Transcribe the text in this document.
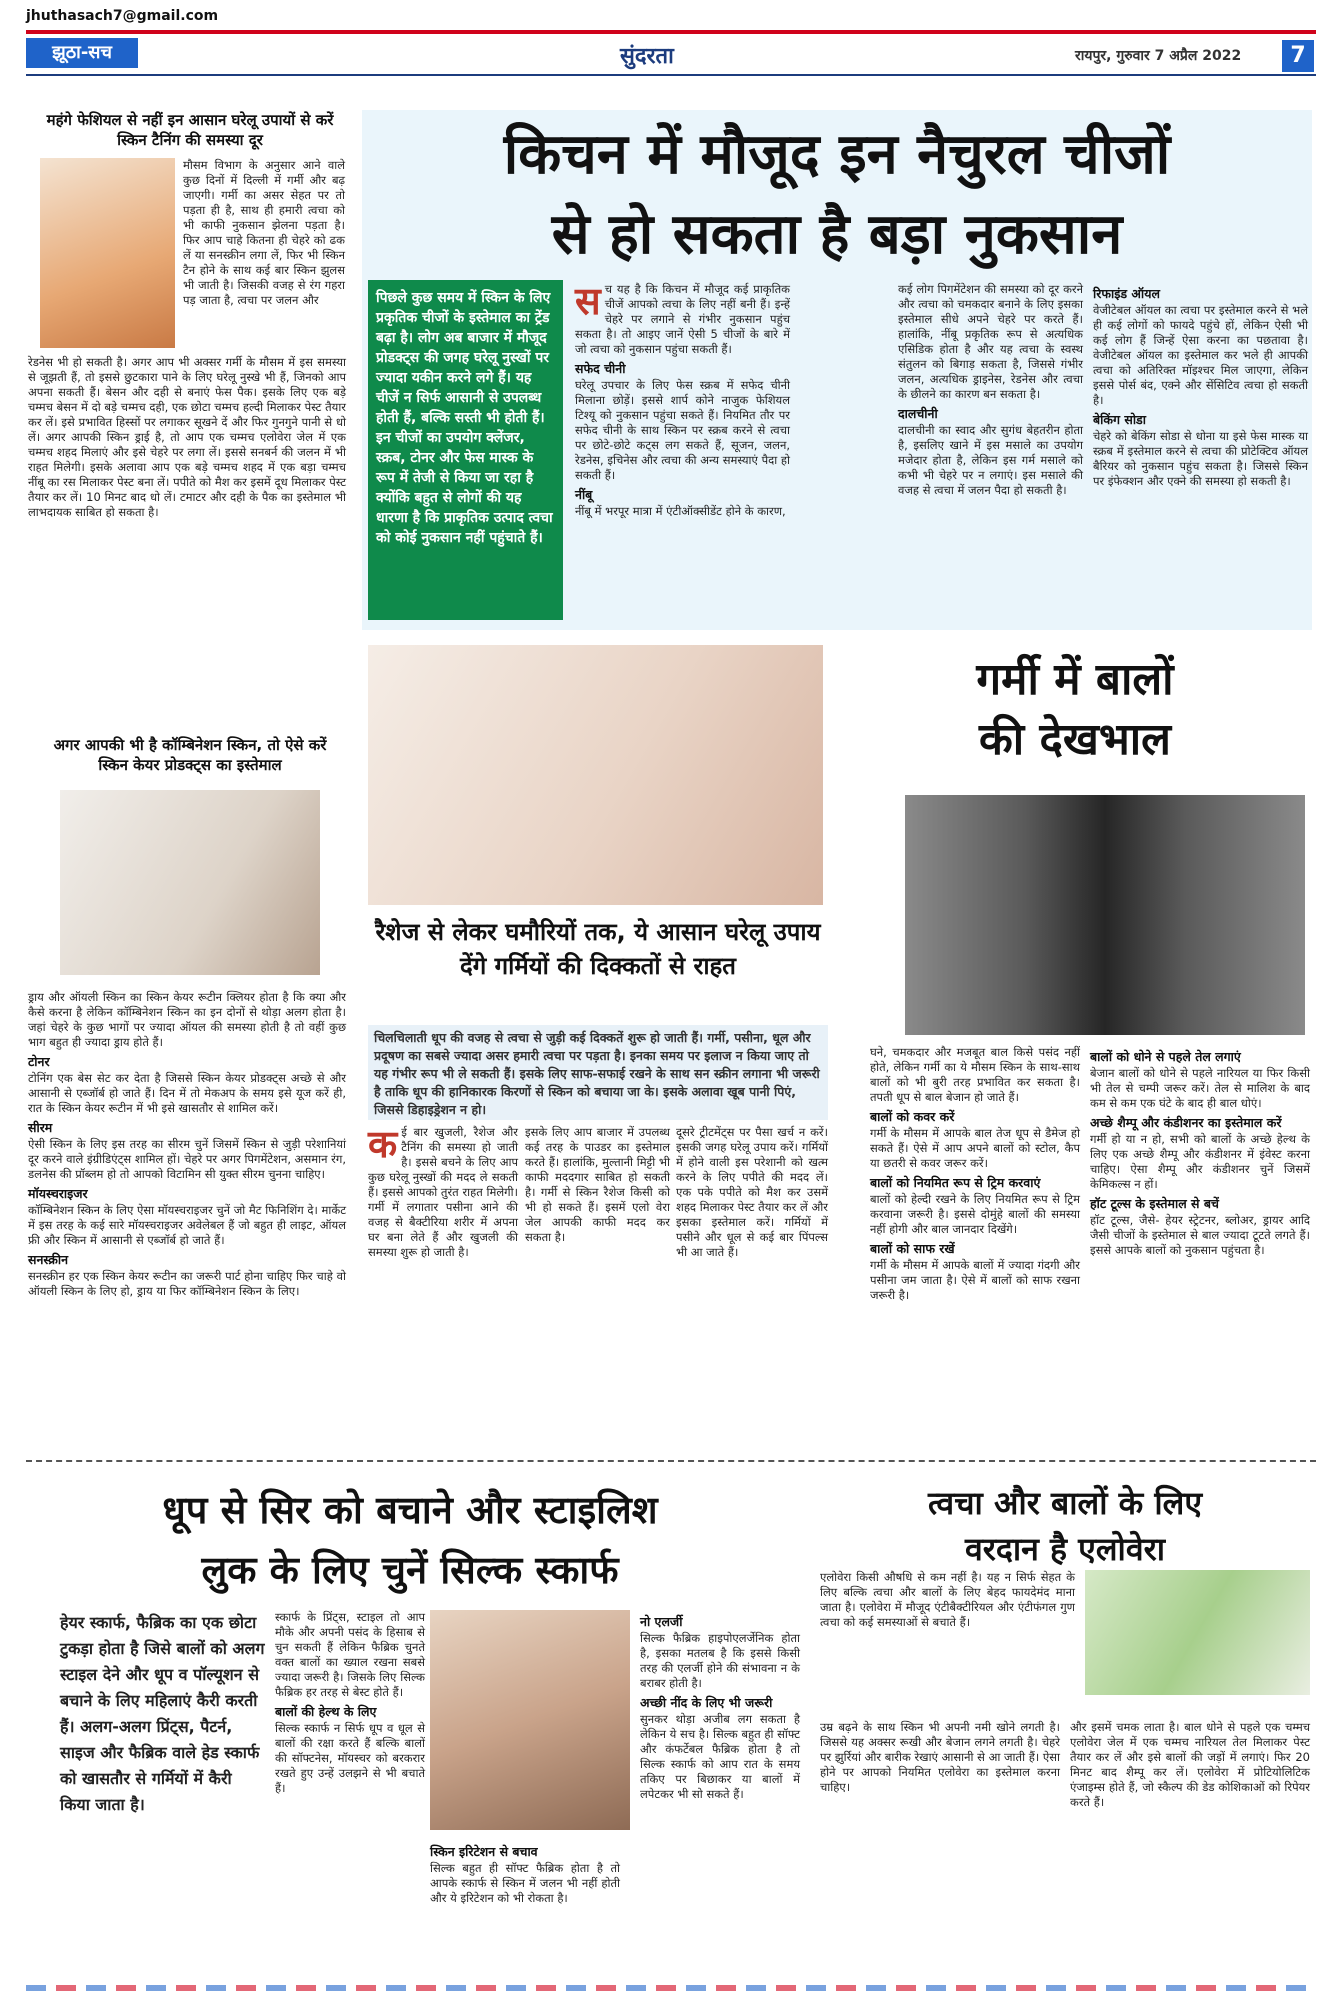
jhuthasach7@gmail.com
झूठा-सच	सुंदरता	रायपुर, गुरुवार 7 अप्रैल 2022	7
महंगे फेशियल से नहीं इन आसान घरेलू उपायों से करें स्किन टैनिंग की समस्या दूर
मौसम विभाग के अनुसार आने वाले कुछ दिनों में दिल्ली में गर्मी और बढ़ जाएगी। गर्मी का असर सेहत पर तो पड़ता ही है, साथ ही हमारी त्वचा को भी काफी नुकसान झेलना पड़ता है। फिर आप चाहे कितना ही चेहरे को ढक लें या सनस्क्रीन लगा लें, फिर भी स्किन टैन होने के साथ कई बार स्किन झुलस भी जाती है। जिसकी वजह से रंग गहरा पड़ जाता है, त्वचा पर जलन और
रेडनेस भी हो सकती है। अगर आप भी अक्सर गर्मी के मौसम में इस समस्या से जूझती हैं, तो इससे छुटकारा पाने के लिए घरेलू नुस्खे भी हैं, जिनको आप अपना सकती हैं। बेसन और दही से बनाएं फेस पैक। इसके लिए एक बड़े चम्मच बेसन में दो बड़े चम्मच दही, एक छोटा चम्मच हल्दी मिलाकर पेस्ट तैयार कर लें। इसे प्रभावित हिस्सों पर लगाकर सूखने दें और फिर गुनगुने पानी से धो लें। अगर आपकी स्किन ड्राई है, तो आप एक चम्मच एलोवेरा जेल में एक चम्मच शहद मिलाएं और इसे चेहरे पर लगा लें। इससे सनबर्न की जलन में भी राहत मिलेगी। इसके अलावा आप एक बड़े चम्मच शहद में एक बड़ा चम्मच नींबू का रस मिलाकर पेस्ट बना लें। पपीते को मैश कर इसमें दूध मिलाकर पेस्ट तैयार कर लें। 10 मिनट बाद धो लें। टमाटर और दही के पैक का इस्तेमाल भी लाभदायक साबित हो सकता है।
अगर आपकी भी है कॉम्बिनेशन स्किन, तो ऐसे करें स्किन केयर प्रोडक्ट्स का इस्तेमाल
ड्राय और ऑयली स्किन का स्किन केयर रूटीन क्लियर होता है कि क्या और कैसे करना है लेकिन कॉम्बिनेशन स्किन का इन दोनों से थोड़ा अलग होता है। जहां चेहरे के कुछ भागों पर ज्यादा ऑयल की समस्या होती है तो वहीं कुछ भाग बहुत ही ज्यादा ड्राय होते हैं।
टोनर
टोनिंग एक बेस सेट कर देता है जिससे स्किन केयर प्रोडक्ट्स अच्छे से और आसानी से एब्जॉर्ब हो जाते हैं। दिन में तो मेकअप के समय इसे यूज करें ही, रात के स्किन केयर रूटीन में भी इसे खासतौर से शामिल करें।
सीरम
ऐसी स्किन के लिए इस तरह का सीरम चुनें जिसमें स्किन से जुड़ी परेशानियां दूर करने वाले इंग्रीडिएंट्स शामिल हों। चेहरे पर अगर पिगमेंटेशन, असमान रंग, डलनेस की प्रॉब्लम हो तो आपको विटामिन सी युक्त सीरम चुनना चाहिए।
मॉयस्चराइजर
कॉम्बिनेशन स्किन के लिए ऐसा मॉयस्चराइजर चुनें जो मैट फिनिशिंग दे। मार्केट में इस तरह के कई सारे मॉयस्चराइजर अवेलेबल हैं जो बहुत ही लाइट, ऑयल फ्री और स्किन में आसानी से एब्जॉर्ब हो जाते हैं।
सनस्क्रीन
सनस्क्रीन हर एक स्किन केयर रूटीन का जरूरी पार्ट होना चाहिए फिर चाहे वो ऑयली स्किन के लिए हो, ड्राय या फिर कॉम्बिनेशन स्किन के लिए।
किचन में मौजूद इन नैचुरल चीजों
से हो सकता है बड़ा नुकसान
पिछले कुछ समय में स्किन के लिए प्रकृतिक चीजों के इस्तेमाल का ट्रेंड बढ़ा है। लोग अब बाजार में मौजूद प्रोडक्ट्स की जगह घरेलू नुस्खों पर ज्यादा यकीन करने लगे हैं। यह चीजें न सिर्फ आसानी से उपलब्ध होती हैं, बल्कि सस्ती भी होती हैं। इन चीजों का उपयोग क्लेंजर, स्क्रब, टोनर और फेस मास्क के रूप में तेजी से किया जा रहा है क्योंकि बहुत से लोगों की यह धारणा है कि प्राकृतिक उत्पाद त्वचा को कोई नुकसान नहीं पहुंचाते हैं।
स च यह है कि किचन में मौजूद कई प्राकृतिक चीजें आपको त्वचा के लिए नहीं बनी हैं। इन्हें चेहरे पर लगाने से गंभीर नुकसान पहुंच सकता है। तो आइए जानें ऐसी 5 चीजों के बारे में जो त्वचा को नुकसान पहुंचा सकती हैं।
सफेद चीनी
घरेलू उपचार के लिए फेस स्क्रब में सफेद चीनी मिलाना छोड़ें। इससे शार्प कोने नाजुक फेशियल टिश्यू को नुकसान पहुंचा सकते हैं। नियमित तौर पर सफेद चीनी के साथ स्किन पर स्क्रब करने से त्वचा पर छोटे-छोटे कट्स लग सकते हैं, सूजन, जलन, रेडनेस, इचिनेस और त्वचा की अन्य समस्याएं पैदा हो सकती हैं।
नींबू
नींबू में भरपूर मात्रा में एंटीऑक्सीडेंट होने के कारण,
कई लोग पिगमेंटेशन की समस्या को दूर करने और त्वचा को चमकदार बनाने के लिए इसका इस्तेमाल सीधे अपने चेहरे पर करते हैं। हालांकि, नींबू प्रकृतिक रूप से अत्यधिक एसिडिक होता है और यह त्वचा के स्वस्थ संतुलन को बिगाड़ सकता है, जिससे गंभीर जलन, अत्यधिक ड्राइनेस, रेडनेस और त्वचा के छीलने का कारण बन सकता है।
दालचीनी
दालचीनी का स्वाद और सुगंध बेहतरीन होता है, इसलिए खाने में इस मसाले का उपयोग मजेदार होता है, लेकिन इस गर्म मसाले को कभी भी चेहरे पर न लगाएं। इस मसाले की वजह से त्वचा में जलन पैदा हो सकती है।
रिफाइंड ऑयल
वेजीटेबल ऑयल का त्वचा पर इस्तेमाल करने से भले ही कई लोगों को फायदे पहुंचे हों, लेकिन ऐसी भी कई लोग हैं जिन्हें ऐसा करना का पछतावा है। वेजीटेबल ऑयल का इस्तेमाल कर भले ही आपकी त्वचा को अतिरिक्त मॉइश्चर मिल जाएगा, लेकिन इससे पोर्स बंद, एक्ने और सेंसिटिव त्वचा हो सकती है।
बेकिंग सोडा
चेहरे को बेकिंग सोडा से धोना या इसे फेस मास्क या स्क्रब में इस्तेमाल करने से त्वचा की प्रोटेक्टिव ऑयल बैरियर को नुकसान पहुंच सकता है। जिससे स्किन पर इंफेक्शन और एक्ने की समस्या हो सकती है।
रैशेज से लेकर घमौरियों तक, ये आसान घरेलू उपाय देंगे गर्मियों की दिक्कतों से राहत
चिलचिलाती धूप की वजह से त्वचा से जुड़ी कई दिक्कतें शुरू हो जाती हैं। गर्मी, पसीना, धूल और प्रदूषण का सबसे ज्यादा असर हमारी त्वचा पर पड़ता है। इनका समय पर इलाज न किया जाए तो यह गंभीर रूप भी ले सकती हैं। इसके लिए साफ-सफाई रखने के साथ सन स्क्रीन लगाना भी जरूरी है ताकि धूप की हानिकारक किरणों से स्किन को बचाया जा के। इसके अलावा खूब पानी पिएं, जिससे डिहाइड्रेशन न हो।
क ई बार खुजली, रैशेज और टैनिंग की समस्या हो जाती है। इससे बचने के लिए आप कुछ घरेलू नुस्खों की मदद ले सकती हैं। इससे आपको तुरंत राहत मिलेगी। गर्मी में लगातार पसीना आने की वजह से बैक्टीरिया शरीर में अपना घर बना लेते हैं और खुजली की समस्या शुरू हो जाती है।
इसके लिए आप बाजार में उपलब्ध कई तरह के पाउडर का इस्तेमाल करते हैं। हालांकि, मुल्तानी मिट्टी भी काफी मददगार साबित हो सकती है। गर्मी से स्किन रैशेज किसी को भी हो सकते हैं। इसमें एलो वेरा जेल आपकी काफी मदद कर सकता है।
दूसरे ट्रीटमेंट्स पर पैसा खर्च न करें। इसकी जगह घरेलू उपाय करें। गर्मियों में होने वाली इस परेशानी को खत्म करने के लिए पपीते की मदद लें। एक पके पपीते को मैश कर उसमें शहद मिलाकर पेस्ट तैयार कर लें और इसका इस्तेमाल करें। गर्मियों में पसीने और धूल से कई बार पिंपल्स भी आ जाते हैं।
गर्मी में बालों
की देखभाल
घने, चमकदार और मजबूत बाल किसे पसंद नहीं होते, लेकिन गर्मी का ये मौसम स्किन के साथ-साथ बालों को भी बुरी तरह प्रभावित कर सकता है। तपती धूप से बाल बेजान हो जाते हैं।
बालों को कवर करें
गर्मी के मौसम में आपके बाल तेज धूप से डैमेज हो सकते हैं। ऐसे में आप अपने बालों को स्टोल, कैप या छतरी से कवर जरूर करें।
बालों को नियमित रूप से ट्रिम करवाएं
बालों को हेल्दी रखने के लिए नियमित रूप से ट्रिम करवाना जरूरी है। इससे दोमुंहे बालों की समस्या नहीं होगी और बाल जानदार दिखेंगे।
बालों को साफ रखें
गर्मी के मौसम में आपके बालों में ज्यादा गंदगी और पसीना जम जाता है। ऐसे में बालों को साफ रखना जरूरी है।
बालों को धोने से पहले तेल लगाएं
बेजान बालों को धोने से पहले नारियल या फिर किसी भी तेल से चम्पी जरूर करें। तेल से मालिश के बाद कम से कम एक घंटे के बाद ही बाल धोएं।
अच्छे शैम्पू और कंडीशनर का इस्तेमाल करें
गर्मी हो या न हो, सभी को बालों के अच्छे हेल्थ के लिए एक अच्छे शैम्पू और कंडीशनर में इंवेस्ट करना चाहिए। ऐसा शैम्पू और कंडीशनर चुनें जिसमें केमिकल्स न हों।
हॉट टूल्स के इस्तेमाल से बचें
हॉट टूल्स, जैसे- हेयर स्ट्रेटनर, ब्लोअर, ड्रायर आदि जैसी चीजों के इस्तेमाल से बाल ज्यादा टूटते लगते हैं। इससे आपके बालों को नुकसान पहुंचता है।
धूप से सिर को बचाने और स्टाइलिश
लुक के लिए चुनें सिल्क स्कार्फ
हेयर स्कार्फ, फैब्रिक का एक छोटा टुकड़ा होता है जिसे बालों को अलग स्टाइल देने और धूप व पॉल्यूशन से बचाने के लिए महिलाएं कैरी करती हैं। अलग-अलग प्रिंट्स, पैटर्न, साइज और फैब्रिक वाले हेड स्कार्फ को खासतौर से गर्मियों में कैरी किया जाता है।
स्कार्फ के प्रिंट्स, स्टाइल तो आप मौके और अपनी पसंद के हिसाब से चुन सकती हैं लेकिन फैब्रिक चुनते वक्त बालों का ख्याल रखना सबसे ज्यादा जरूरी है। जिसके लिए सिल्क फैब्रिक हर तरह से बेस्ट होते हैं।
बालों की हेल्थ के लिए
सिल्क स्कार्फ न सिर्फ धूप व धूल से बालों की रक्षा करते हैं बल्कि बालों की सॉफ्टनेस, मॉयस्चर को बरकरार रखते हुए उन्हें उलझने से भी बचाते हैं।
नो एलर्जी
सिल्क फैब्रिक हाइपोएलर्जेनिक होता है, इसका मतलब है कि इससे किसी तरह की एलर्जी होने की संभावना न के बराबर होती है।
अच्छी नींद के लिए भी जरूरी
सुनकर थोड़ा अजीब लग सकता है लेकिन ये सच है। सिल्क बहुत ही सॉफ्ट और कंफर्टेबल फैब्रिक होता है तो सिल्क स्कार्फ को आप रात के समय तकिए पर बिछाकर या बालों में लपेटकर भी सो सकते हैं।
स्किन इरिटेशन से बचाव
सिल्क बहुत ही सॉफ्ट फैब्रिक होता है तो आपके स्कार्फ से स्किन में जलन भी नहीं होती और ये इरिटेशन को भी रोकता है।
त्वचा और बालों के लिए
वरदान है एलोवेरा
एलोवेरा किसी औषधि से कम नहीं है। यह न सिर्फ सेहत के लिए बल्कि त्वचा और बालों के लिए बेहद फायदेमंद माना जाता है। एलोवेरा में मौजूद एंटीबैक्टीरियल और एंटीफंगल गुण त्वचा को कई समस्याओं से बचाते हैं।
उम्र बढ़ने के साथ स्किन भी अपनी नमी खोने लगती है। जिससे यह अक्सर रूखी और बेजान लगने लगती है। चेहरे पर झुर्रियां और बारीक रेखाएं आसानी से आ जाती हैं। ऐसा होने पर आपको नियमित एलोवेरा का इस्तेमाल करना चाहिए।
और इसमें चमक लाता है। बाल धोने से पहले एक चम्मच एलोवेरा जेल में एक चम्मच नारियल तेल मिलाकर पेस्ट तैयार कर लें और इसे बालों की जड़ों में लगाएं। फिर 20 मिनट बाद शैम्पू कर लें। एलोवेरा में प्रोटियोलिटिक एंजाइम्स होते हैं, जो स्कैल्प की डेड कोशिकाओं को रिपेयर करते हैं।
